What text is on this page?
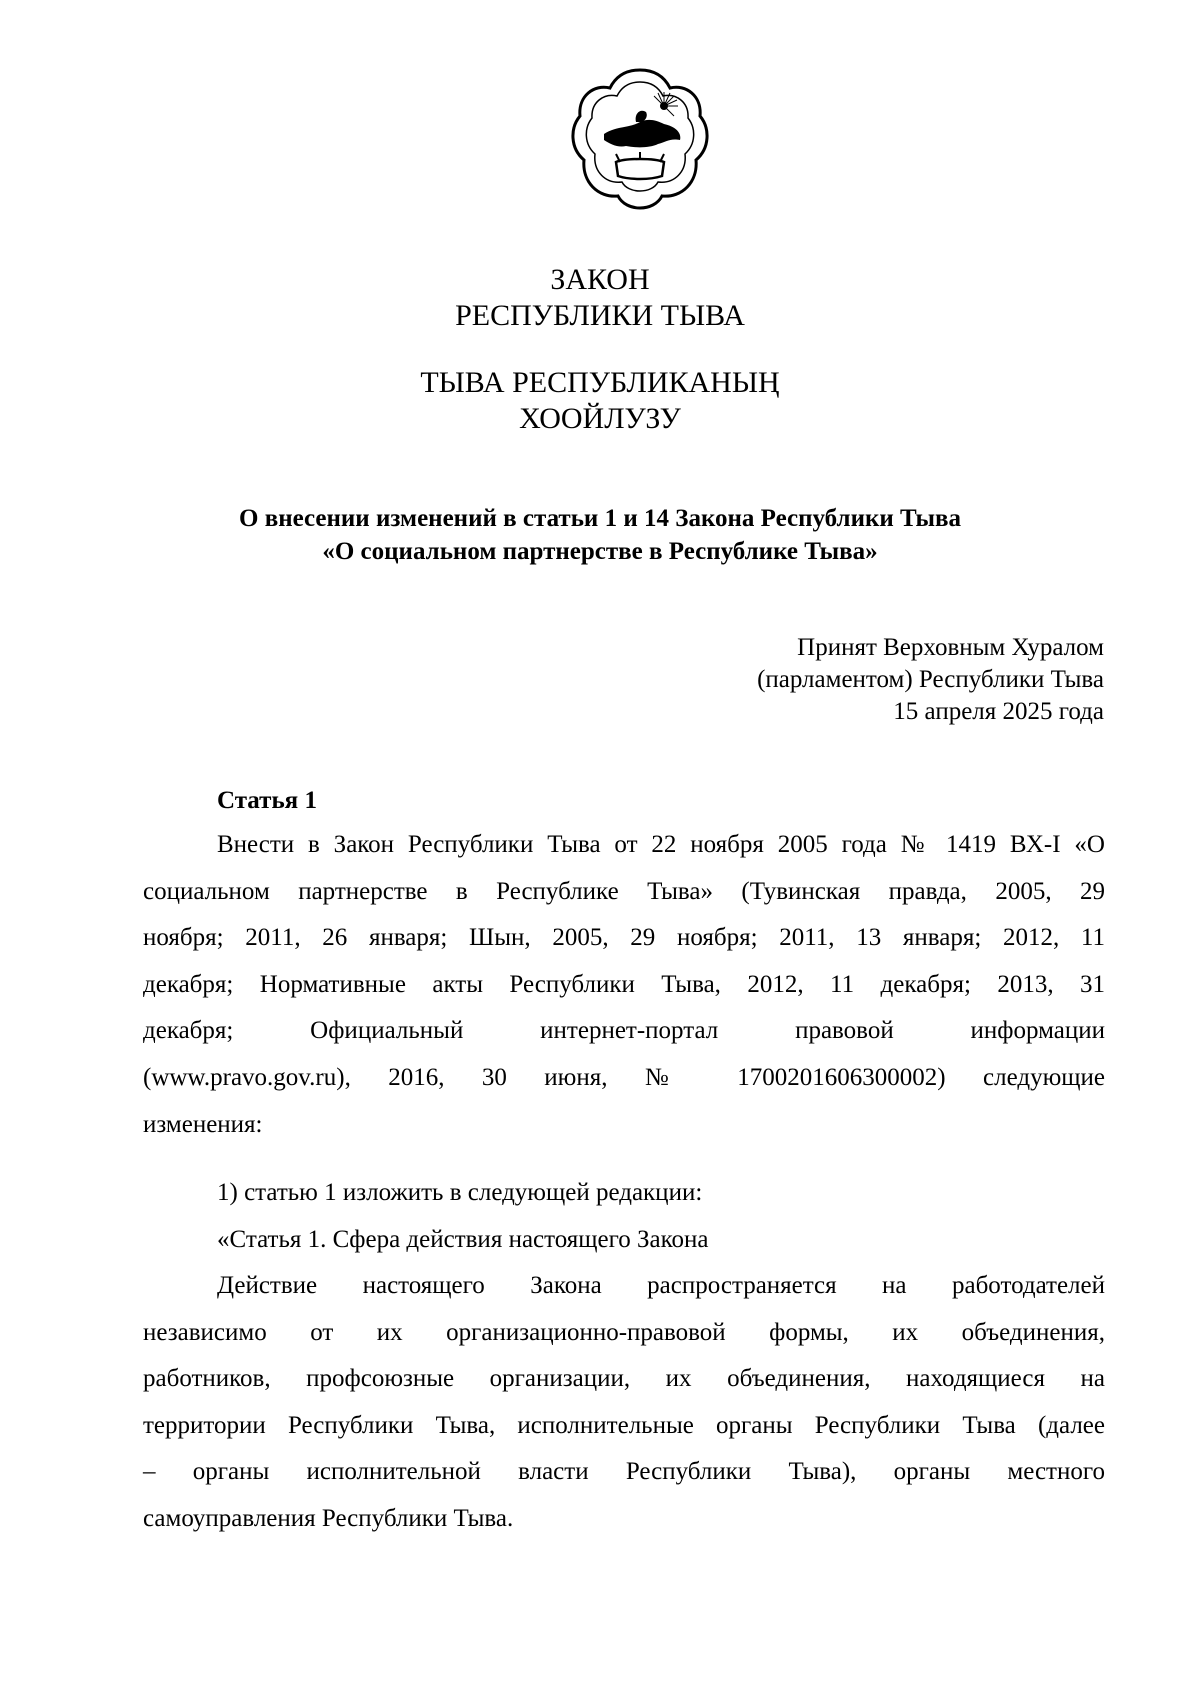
ЗАКОН
РЕСПУБЛИКИ ТЫВА
ТЫВА РЕСПУБЛИКАНЫҢ
ХООЙЛУЗУ
О внесении изменений в статьи 1 и 14 Закона Республики Тыва
«О социальном партнерстве в Республике Тыва»
Принят Верховным Хуралом
(парламентом) Республики Тыва
15 апреля 2025 года
Статья 1
Внести в Закон Республики Тыва от 22 ноября 2005 года № 1419 ВХ-I «О
социальном партнерстве в Республике Тыва» (Тувинская правда, 2005, 29
ноября; 2011, 26 января; Шын, 2005, 29 ноября; 2011, 13 января; 2012, 11
декабря; Нормативные акты Республики Тыва, 2012, 11 декабря; 2013, 31
декабря; Официальный интернет-портал правовой информации
(www.pravo.gov.ru), 2016, 30 июня, № 1700201606300002) следующие
изменения:
1) статью 1 изложить в следующей редакции:
«Статья 1. Сфера действия настоящего Закона
Действие настоящего Закона распространяется на работодателей
независимо от их организационно-правовой формы, их объединения,
работников, профсоюзные организации, их объединения, находящиеся на
территории Республики Тыва, исполнительные органы Республики Тыва (далее
– органы исполнительной власти Республики Тыва), органы местного
самоуправления Республики Тыва.
